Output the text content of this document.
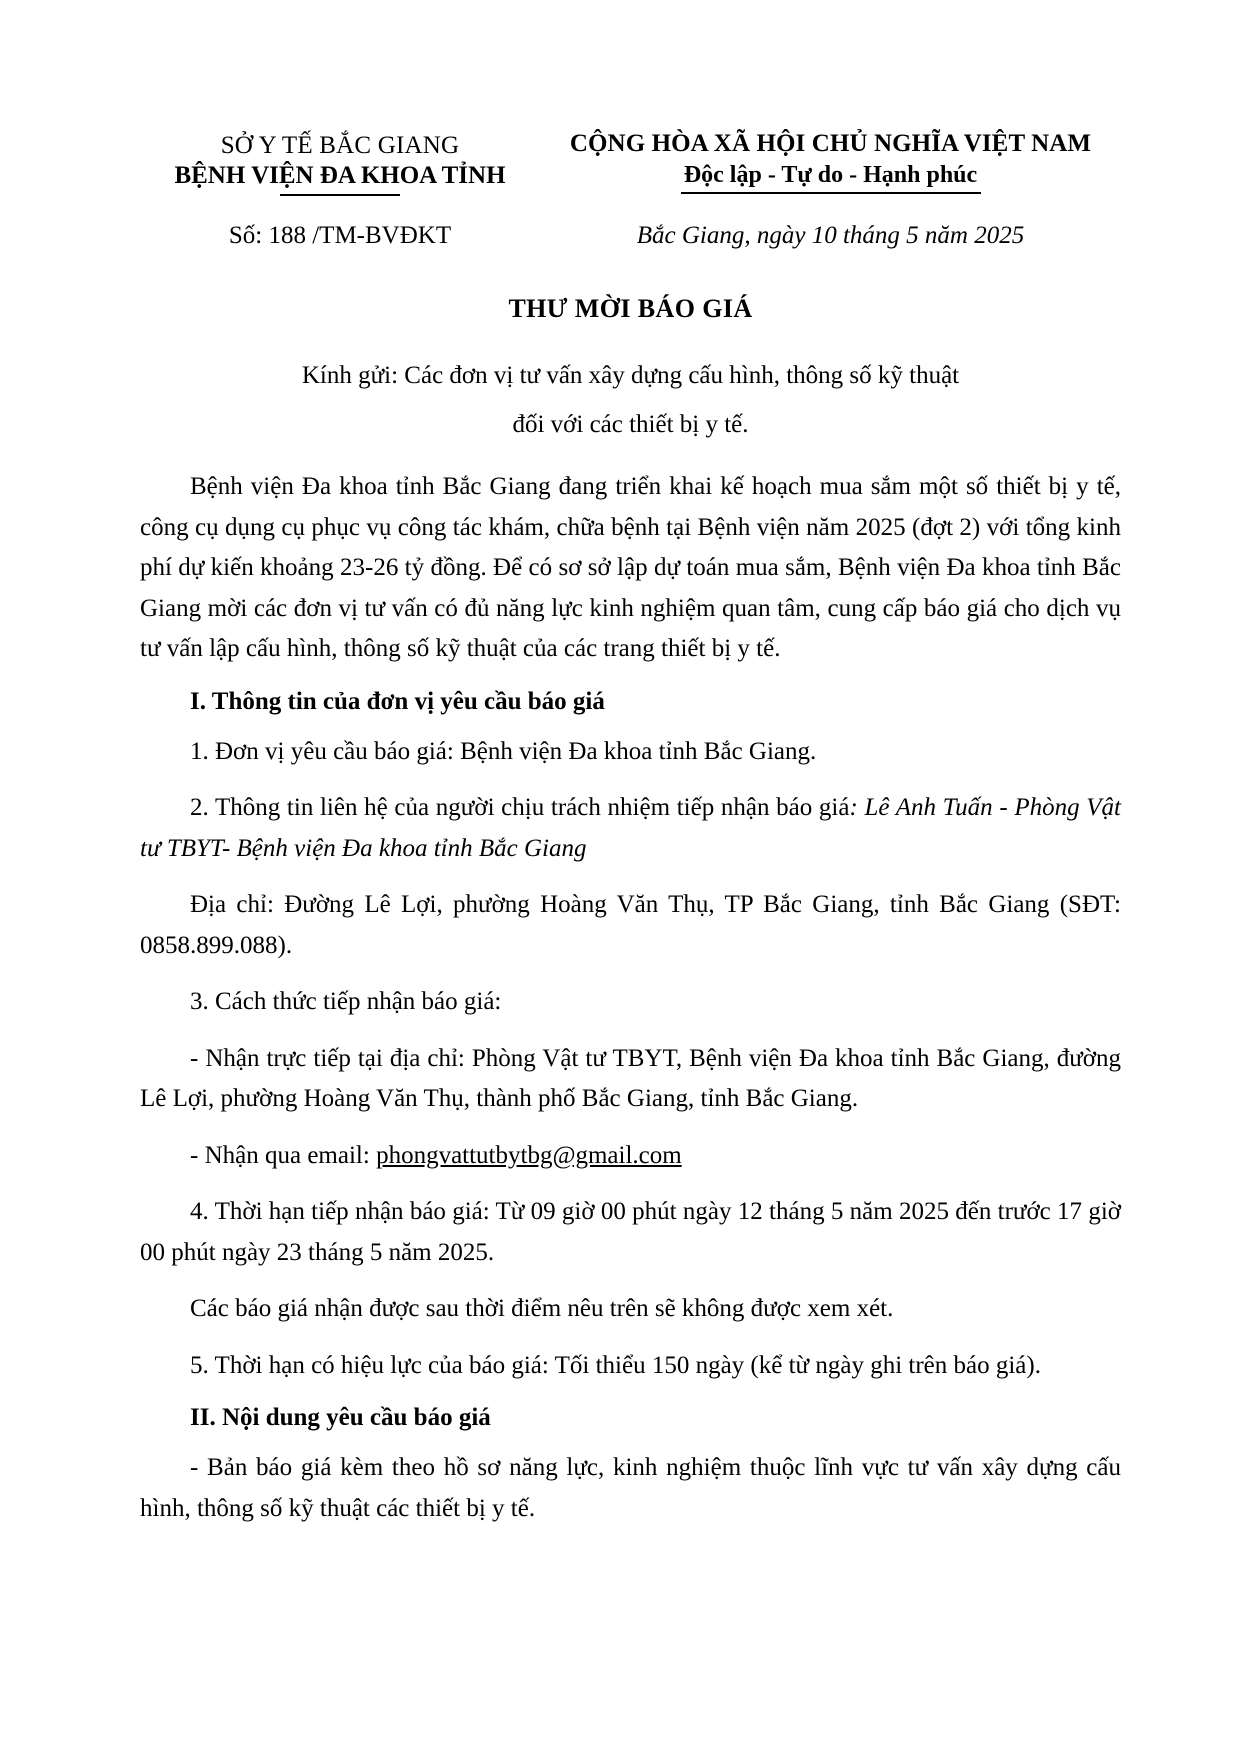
SỞ Y TẾ BẮC GIANG
BỆNH VIỆN ĐA KHOA TỈNH
CỘNG HÒA XÃ HỘI CHỦ NGHĨA VIỆT NAM
Độc lập - Tự do - Hạnh phúc
Số: 188 /TM-BVĐKT	Bắc Giang, ngày 10 tháng 5 năm 2025
THƯ MỜI BÁO GIÁ
Kính gửi: Các đơn vị tư vấn xây dựng cấu hình, thông số kỹ thuật
đối với các thiết bị y tế.

Bệnh viện Đa khoa tỉnh Bắc Giang đang triển khai kế hoạch mua sắm một số thiết bị y tế, công cụ dụng cụ phục vụ công tác khám, chữa bệnh tại Bệnh viện năm 2025 (đợt 2) với tổng kinh phí dự kiến khoảng 23-26 tỷ đồng. Để có sơ sở lập dự toán mua sắm, Bệnh viện Đa khoa tỉnh Bắc Giang mời các đơn vị tư vấn có đủ năng lực kinh nghiệm quan tâm, cung cấp báo giá cho dịch vụ tư vấn lập cấu hình, thông số kỹ thuật của các trang thiết bị y tế.

I. Thông tin của đơn vị yêu cầu báo giá

1. Đơn vị yêu cầu báo giá: Bệnh viện Đa khoa tỉnh Bắc Giang.

2. Thông tin liên hệ của người chịu trách nhiệm tiếp nhận báo giá: Lê Anh Tuấn - Phòng Vật tư TBYT- Bệnh viện Đa khoa tỉnh Bắc Giang

Địa chỉ: Đường Lê Lợi, phường Hoàng Văn Thụ, TP Bắc Giang, tỉnh Bắc Giang (SĐT: 0858.899.088).

3. Cách thức tiếp nhận báo giá:

- Nhận trực tiếp tại địa chỉ: Phòng Vật tư TBYT, Bệnh viện Đa khoa tỉnh Bắc Giang, đường Lê Lợi, phường Hoàng Văn Thụ, thành phố Bắc Giang, tỉnh Bắc Giang.

- Nhận qua email: phongvattutbytbg@gmail.com

4. Thời hạn tiếp nhận báo giá: Từ 09 giờ 00 phút ngày 12 tháng 5 năm 2025 đến trước 17 giờ 00 phút ngày 23 tháng 5 năm 2025.

Các báo giá nhận được sau thời điểm nêu trên sẽ không được xem xét.

5. Thời hạn có hiệu lực của báo giá: Tối thiểu 150 ngày (kể từ ngày ghi trên báo giá).

II. Nội dung yêu cầu báo giá

- Bản báo giá kèm theo hồ sơ năng lực, kinh nghiệm thuộc lĩnh vực tư vấn xây dựng cấu hình, thông số kỹ thuật các thiết bị y tế.
